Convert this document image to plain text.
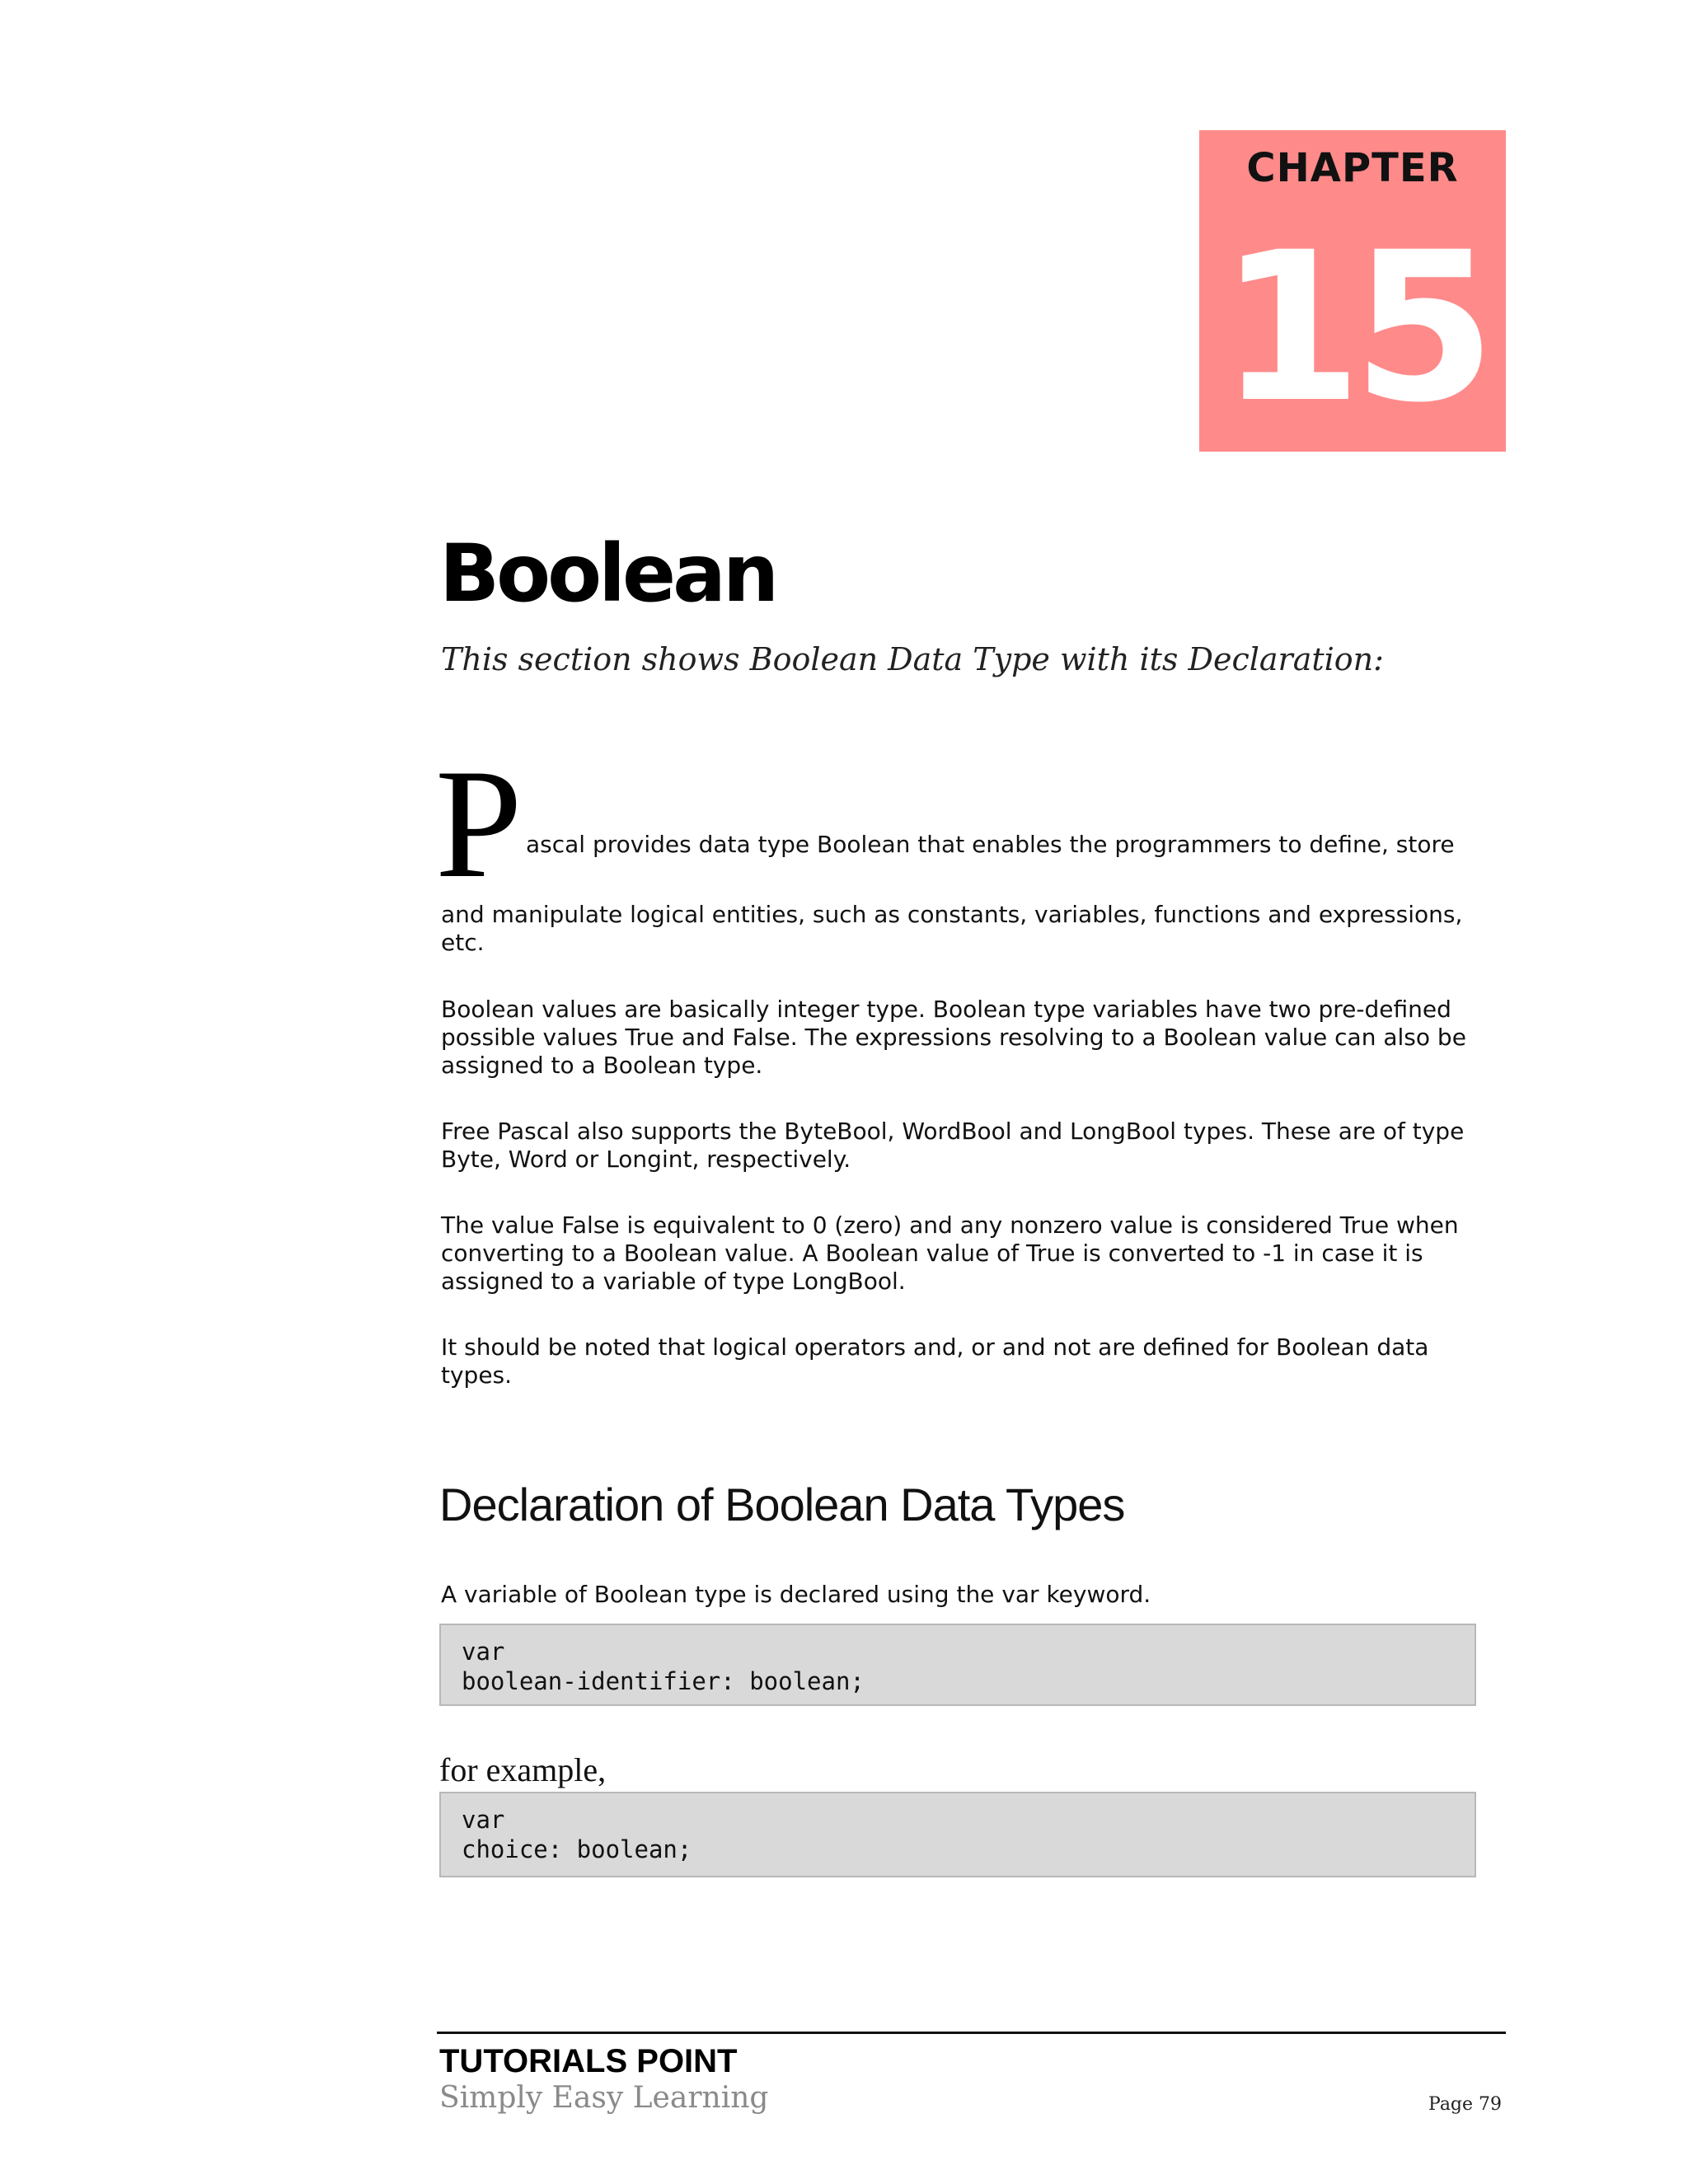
CHAPTER
15
Boolean

This section shows Boolean Data Type with its Declaration:

P ascal provides data type Boolean that enables the programmers to define, store

and manipulate logical entities, such as constants, variables, functions and expressions, etc.

Boolean values are basically integer type. Boolean type variables have two pre-defined possible values True and False. The expressions resolving to a Boolean value can also be assigned to a Boolean type.

Free Pascal also supports the ByteBool, WordBool and LongBool types. These are of type Byte, Word or Longint, respectively.

The value False is equivalent to 0 (zero) and any nonzero value is considered True when converting to a Boolean value. A Boolean value of True is converted to -1 in case it is assigned to a variable of type LongBool.

It should be noted that logical operators and, or and not are defined for Boolean data types.

Declaration of Boolean Data Types

A variable of Boolean type is declared using the var keyword.

var
boolean-identifier: boolean;

for example,

var
choice: boolean;
TUTORIALS POINT
Simply Easy Learning	Page 79
